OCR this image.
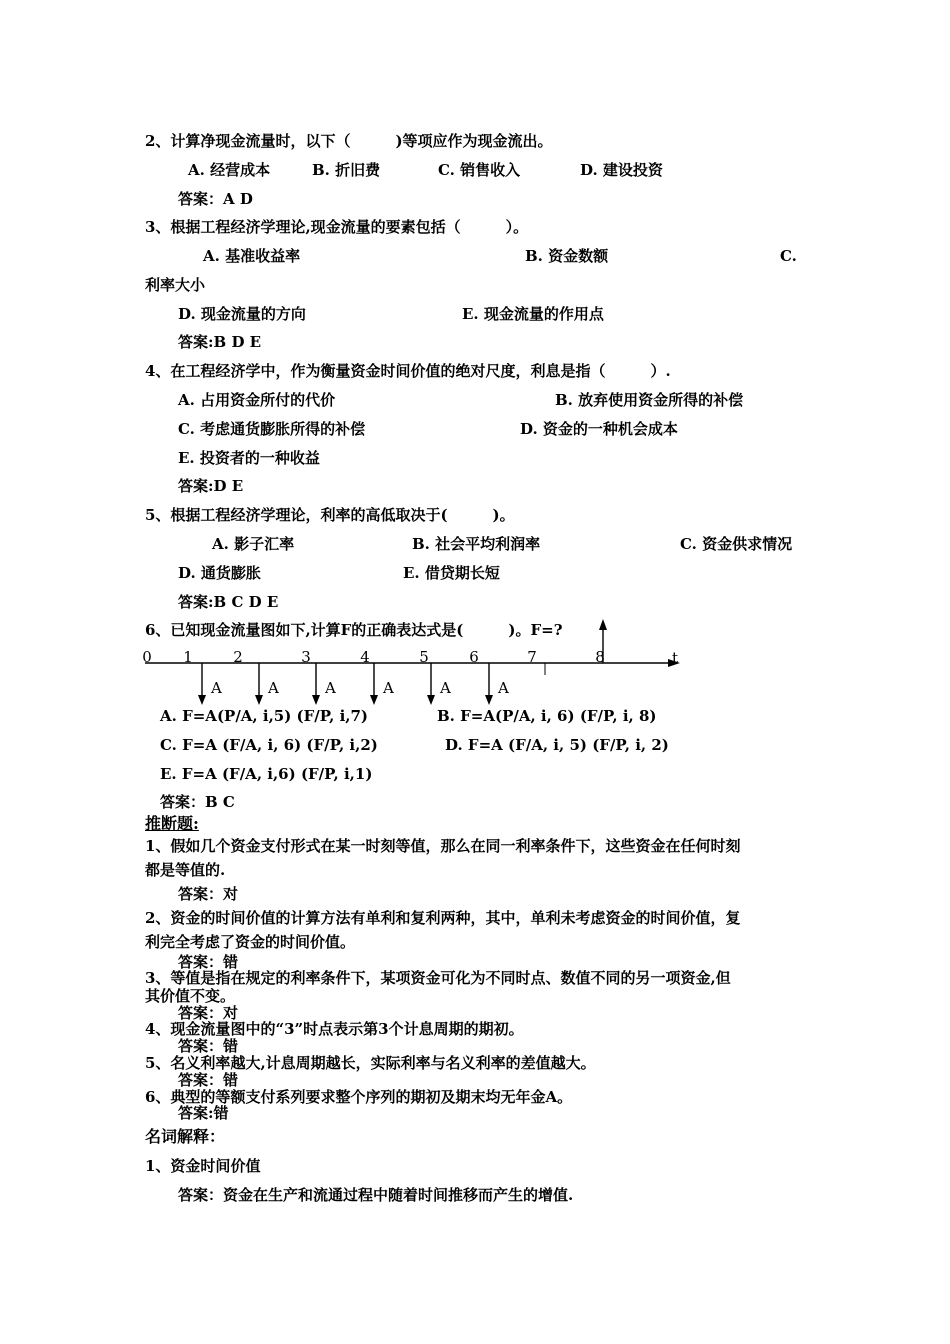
2、计算净现金流量时，以下（　　　)等项应作为现金流出。
A. 经营成本	B. 折旧费	C. 销售收入	D. 建设投资
答案：A D
3、根据工程经济学理论,现金流量的要素包括（　　　）。
A. 基准收益率	B. 资金数额	C.
利率大小
D. 现金流量的方向	E. 现金流量的作用点
答案:B D E
4、在工程经济学中，作为衡量资金时间价值的绝对尺度，利息是指（　　　）.
A. 占用资金所付的代价	B. 放弃使用资金所得的补偿
C. 考虑通货膨胀所得的补偿	D. 资金的一种机会成本
E. 投资者的一种收益
答案:D E
5、根据工程经济学理论，利率的高低取决于(　　　)。
A. 影子汇率	B. 社会平均利润率	C. 资金供求情况
D. 通货膨胀	E. 借贷期长短
答案:B C D E
6、已知现金流量图如下,计算F的正确表达式是(　　　)。F=?
t
0 1	2	3	4	5	6	7	8
A	A	A	A	A	A
A. F=A(P/A, i,5) (F/P, i,7)	B. F=A(P/A, i, 6) (F/P, i, 8)
C. F=A (F/A, i, 6) (F/P, i,2)	D. F=A (F/A, i, 5) (F/P, i, 2)
E. F=A (F/A, i,6) (F/P, i,1)
答案：B C
推断题:
1、假如几个资金支付形式在某一时刻等值，那么在同一利率条件下，这些资金在任何时刻
都是等值的.
答案：对
2、资金的时间价值的计算方法有单利和复利两种，其中，单利未考虑资金的时间价值，复
利完全考虑了资金的时间价值。
答案：错
3、等值是指在规定的利率条件下，某项资金可化为不同时点、数值不同的另一项资金,但
其价值不变。
答案：对
4、现金流量图中的“3”时点表示第3个计息周期的期初。
答案：错
5、名义利率越大,计息周期越长，实际利率与名义利率的差值越大。
答案：错
6、典型的等额支付系列要求整个序列的期初及期末均无年金A。
答案:错
名词解释：
1、资金时间价值
答案：资金在生产和流通过程中随着时间推移而产生的增值.
